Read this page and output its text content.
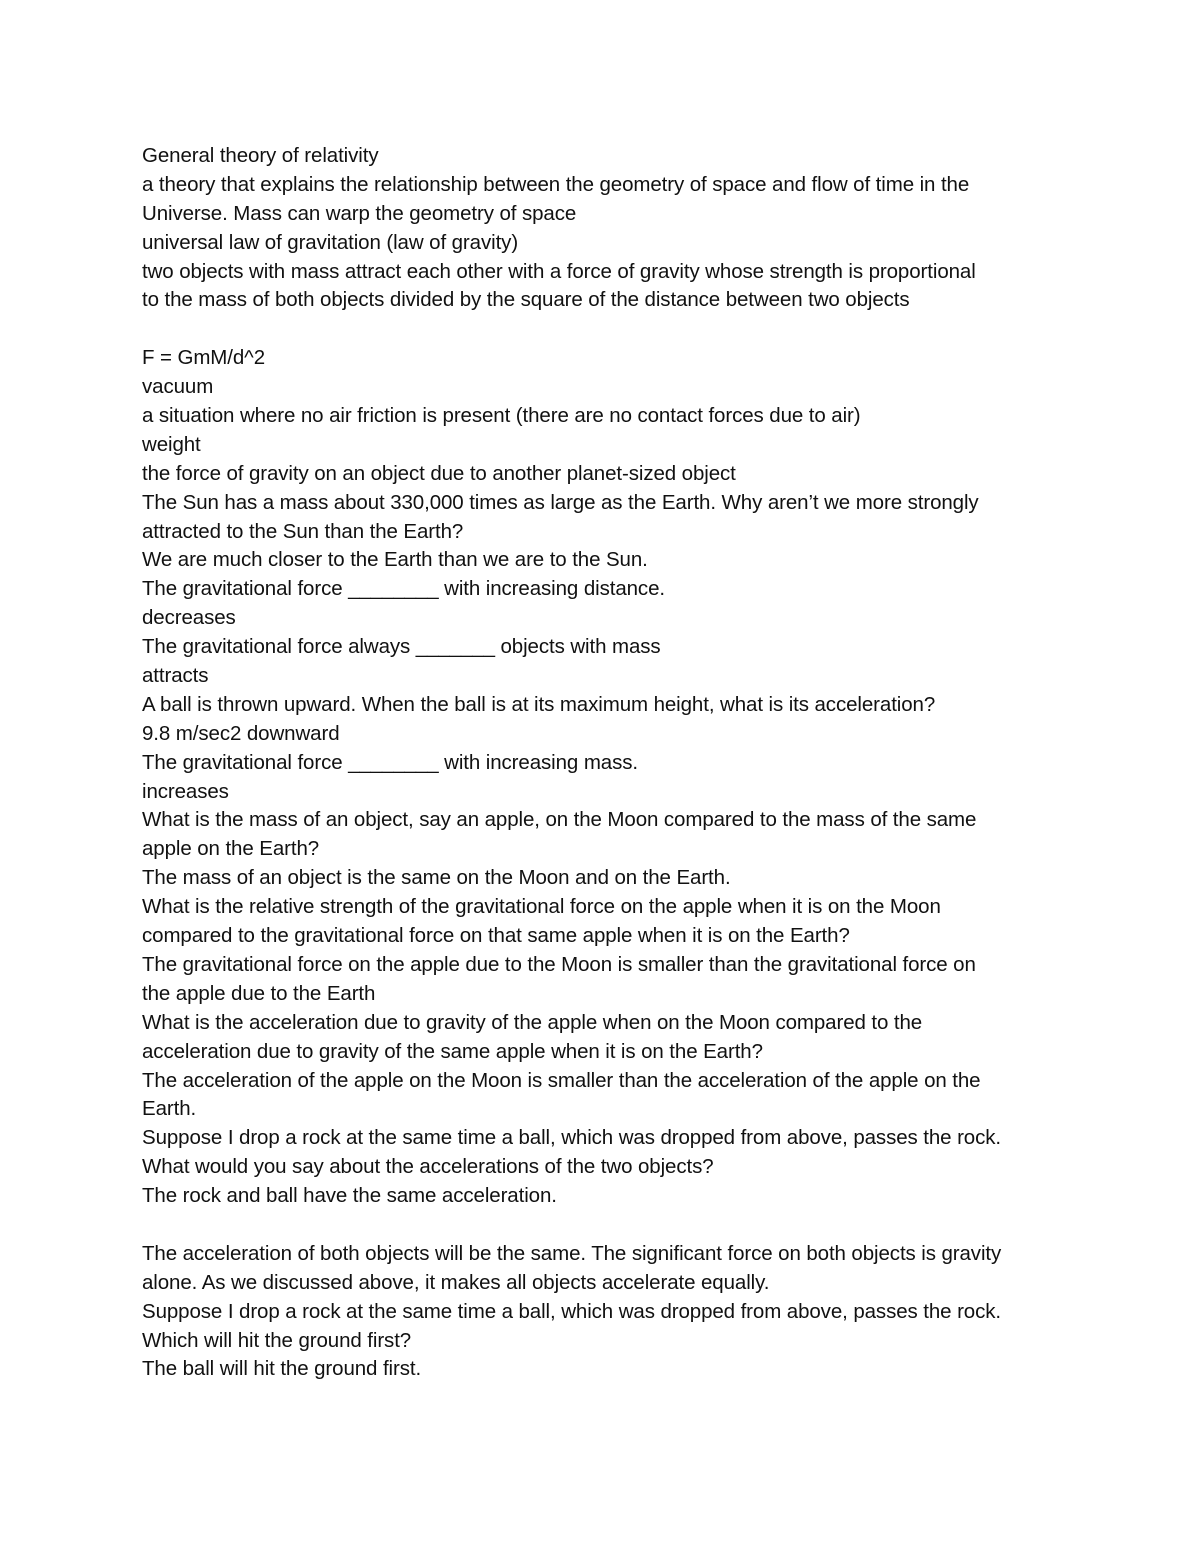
General theory of relativity

a theory that explains the relationship between the geometry of space and flow of time in the

Universe. Mass can warp the geometry of space

universal law of gravitation (law of gravity)

two objects with mass attract each other with a force of gravity whose strength is proportional

to the mass of both objects divided by the square of the distance between two objects

F = GmM/d^2

vacuum

a situation where no air friction is present (there are no contact forces due to air)

weight

the force of gravity on an object due to another planet-sized object

The Sun has a mass about 330,000 times as large as the Earth. Why aren’t we more strongly

attracted to the Sun than the Earth?

We are much closer to the Earth than we are to the Sun.

The gravitational force ________ with increasing distance.

decreases

The gravitational force always _______ objects with mass

attracts

A ball is thrown upward. When the ball is at its maximum height, what is its acceleration?

9.8 m/sec2 downward

The gravitational force ________ with increasing mass.

increases

What is the mass of an object, say an apple, on the Moon compared to the mass of the same

apple on the Earth?

The mass of an object is the same on the Moon and on the Earth.

What is the relative strength of the gravitational force on the apple when it is on the Moon

compared to the gravitational force on that same apple when it is on the Earth?

The gravitational force on the apple due to the Moon is smaller than the gravitational force on

the apple due to the Earth

What is the acceleration due to gravity of the apple when on the Moon compared to the

acceleration due to gravity of the same apple when it is on the Earth?

The acceleration of the apple on the Moon is smaller than the acceleration of the apple on the

Earth.

Suppose I drop a rock at the same time a ball, which was dropped from above, passes the rock.

What would you say about the accelerations of the two objects?

The rock and ball have the same acceleration.

The acceleration of both objects will be the same. The significant force on both objects is gravity

alone. As we discussed above, it makes all objects accelerate equally.

Suppose I drop a rock at the same time a ball, which was dropped from above, passes the rock.

Which will hit the ground first?

The ball will hit the ground first.
